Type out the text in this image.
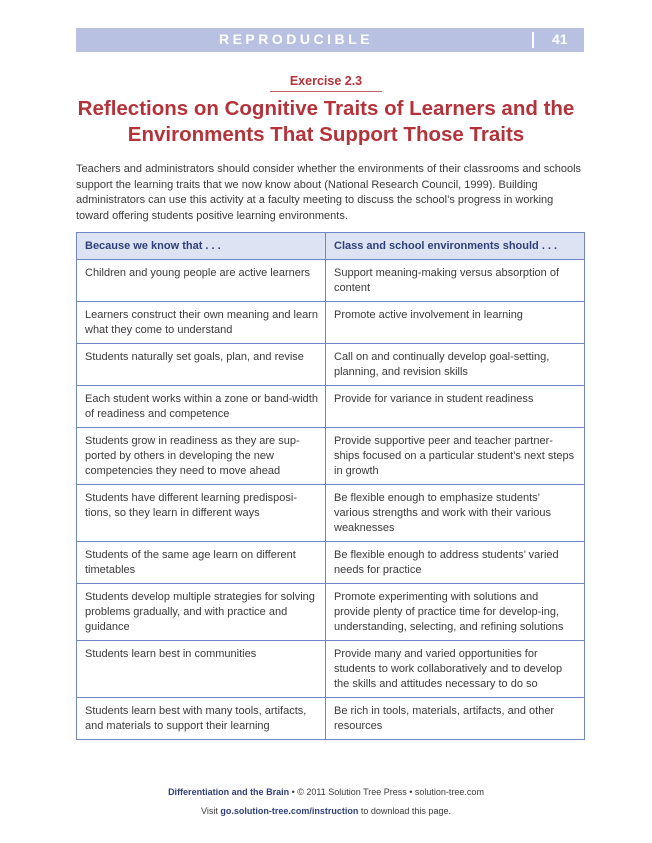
REPRODUCIBLE	41
Exercise 2.3
Reflections on Cognitive Traits of Learners and the Environments That Support Those Traits
Teachers and administrators should consider whether the environments of their classrooms and schools support the learning traits that we now know about (National Research Council, 1999). Building administrators can use this activity at a faculty meeting to discuss the school’s progress in working toward offering students positive learning environments.
Because we know that . . .	Class and school environments should . . .
Children and young people are active learners	Support meaning-making versus absorption of content
Learners construct their own meaning and learn what they come to understand	Promote active involvement in learning
Students naturally set goals, plan, and revise	Call on and continually develop goal-setting, planning, and revision skills
Each student works within a zone or band-width of readiness and competence	Provide for variance in student readiness
Students grow in readiness as they are sup-ported by others in developing the new competencies they need to move ahead	Provide supportive peer and teacher partner-ships focused on a particular student’s next steps in growth
Students have different learning predisposi-tions, so they learn in different ways	Be flexible enough to emphasize students’ various strengths and work with their various weaknesses
Students of the same age learn on different timetables	Be flexible enough to address students’ varied needs for practice
Students develop multiple strategies for solving problems gradually, and with practice and guidance	Promote experimenting with solutions and provide plenty of practice time for develop-ing, understanding, selecting, and refining solutions
Students learn best in communities	Provide many and varied opportunities for students to work collaboratively and to develop the skills and attitudes necessary to do so
Students learn best with many tools, artifacts, and materials to support their learning	Be rich in tools, materials, artifacts, and other resources
Differentiation and the Brain • © 2011 Solution Tree Press • solution-tree.com
Visit go.solution-tree.com/instruction to download this page.
